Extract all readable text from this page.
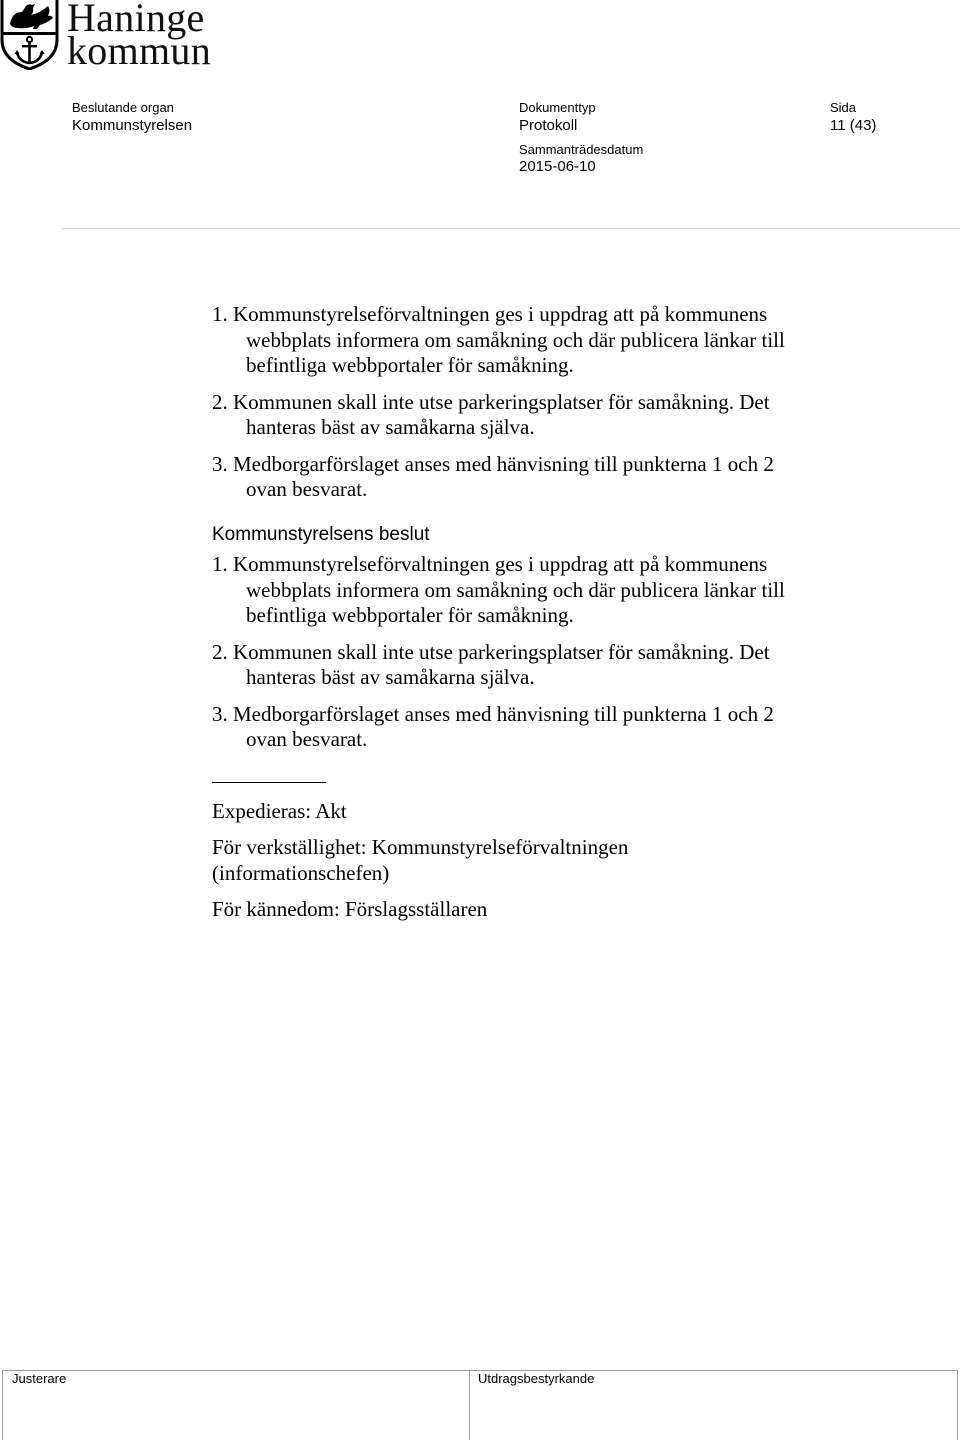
Haninge
kommun
Beslutande organ
Kommunstyrelsen
Dokumenttyp
Protokoll
Sida
11 (43)
Sammanträdesdatum
2015-06-10
1. Kommunstyrelseförvaltningen ges i uppdrag att på kommunens
webbplats informera om samåkning och där publicera länkar till
befintliga webbportaler för samåkning.
2. Kommunen skall inte utse parkeringsplatser för samåkning. Det
hanteras bäst av samåkarna själva.
3. Medborgarförslaget anses med hänvisning till punkterna 1 och 2
ovan besvarat.
Kommunstyrelsens beslut
1. Kommunstyrelseförvaltningen ges i uppdrag att på kommunens
webbplats informera om samåkning och där publicera länkar till
befintliga webbportaler för samåkning.
2. Kommunen skall inte utse parkeringsplatser för samåkning. Det
hanteras bäst av samåkarna själva.
3. Medborgarförslaget anses med hänvisning till punkterna 1 och 2
ovan besvarat.
Expedieras: Akt
För verkställighet: Kommunstyrelseförvaltningen
(informationschefen)
För kännedom: Förslagsställaren
Justerare	Utdragsbestyrkande
